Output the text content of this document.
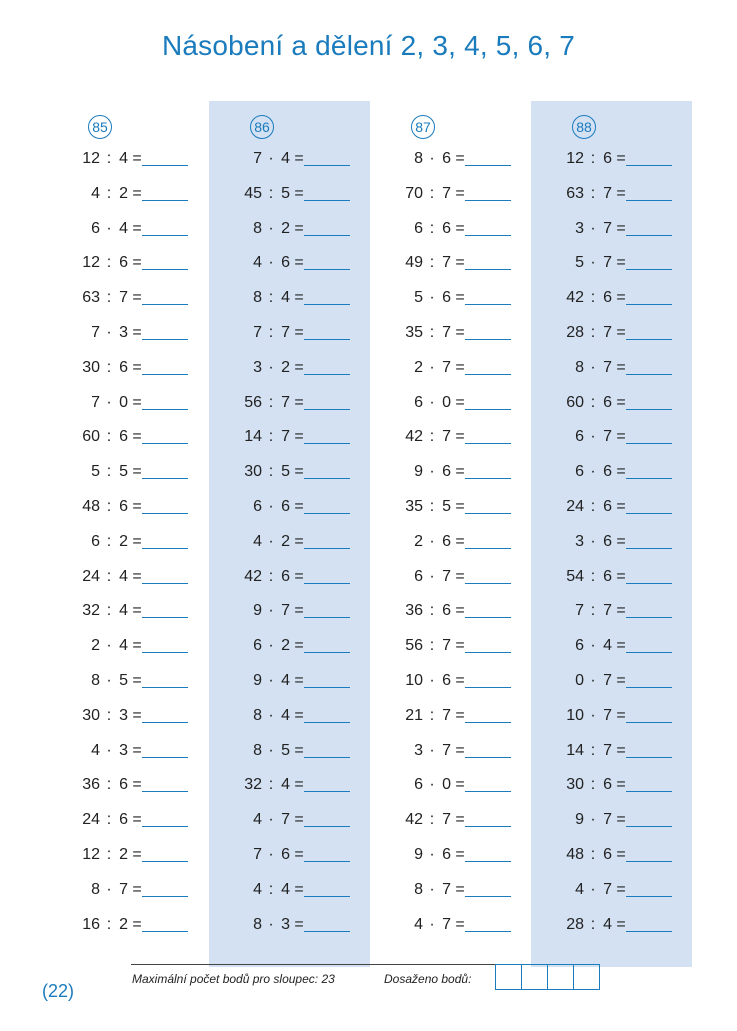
Násobení a dělení 2, 3, 4, 5, 6, 7
85
12 : 4 =
4 : 2 =
6 · 4 =
12 : 6 =
63 : 7 =
7 · 3 =
30 : 6 =
7 · 0 =
60 : 6 =
5 : 5 =
48 : 6 =
6 : 2 =
24 : 4 =
32 : 4 =
2 · 4 =
8 · 5 =
30 : 3 =
4 · 3 =
36 : 6 =
24 : 6 =
12 : 2 =
8 · 7 =
16 : 2 =
86
7 · 4 =
45 : 5 =
8 · 2 =
4 · 6 =
8 : 4 =
7 : 7 =
3 · 2 =
56 : 7 =
14 : 7 =
30 : 5 =
6 · 6 =
4 · 2 =
42 : 6 =
9 · 7 =
6 · 2 =
9 · 4 =
8 · 4 =
8 · 5 =
32 : 4 =
4 · 7 =
7 · 6 =
4 : 4 =
8 · 3 =
87
8 · 6 =
70 : 7 =
6 : 6 =
49 : 7 =
5 · 6 =
35 : 7 =
2 · 7 =
6 · 0 =
42 : 7 =
9 · 6 =
35 : 5 =
2 · 6 =
6 · 7 =
36 : 6 =
56 : 7 =
10 · 6 =
21 : 7 =
3 · 7 =
6 · 0 =
42 : 7 =
9 · 6 =
8 · 7 =
4 · 7 =
88
12 : 6 =
63 : 7 =
3 · 7 =
5 · 7 =
42 : 6 =
28 : 7 =
8 · 7 =
60 : 6 =
6 · 7 =
6 · 6 =
24 : 6 =
3 · 6 =
54 : 6 =
7 : 7 =
6 · 4 =
0 · 7 =
10 · 7 =
14 : 7 =
30 : 6 =
9 · 7 =
48 : 6 =
4 · 7 =
28 : 4 =
Maximální počet bodů pro sloupec: 23	Dosaženo bodů:
(22)
